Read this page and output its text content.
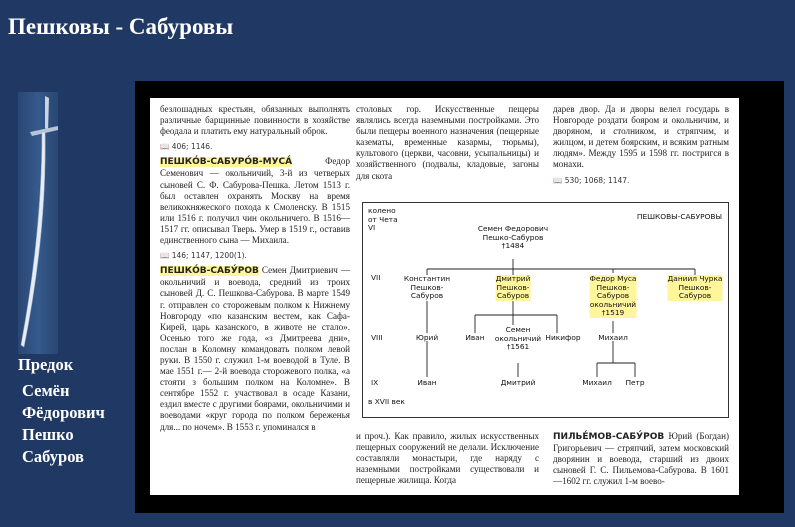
Пешковы - Сабуровы
Предок
Семён
Фёдорович
Пешко
Сабуров

безлошадных крестьян, обязанных выполнять различные барщинные повинности в хозяйстве феодала и платить ему натуральный оброк.

📖 406; 1146.

ПЕШКО́В-САБУРО́В-МУСА́ Федор Семенович — окольничий, 3-й из четверых сыновей С. Ф. Сабурова-Пешка. Летом 1513 г. был оставлен охранять Москву на время великокняжеского похода к Смоленску. В 1515 или 1516 г. получил чин окольничего. В 1516—1517 гг. описывал Тверь. Умер в 1519 г., оставив единственного сына — Михаила.

📖 146; 1147, 1200(1).

ПЕШКО́В-САБУ́РОВ Семен Дмитриевич — окольничий и воевода, средний из троих сыновей Д. С. Пешкова-Сабурова. В марте 1549 г. отправлен со сторожевым полком к Нижнему Новгороду «по казанским вестем, как Сафа-Кирей, царь казанского, в животе не стало». Осенью того же года, «з Дмитреева дни», послан в Коломну командовать полком левой руки. В 1550 г. служил 1-м воеводой в Туле. В мае 1551 г.— 2-й воевода сторожевого полка, «а стояти з большим полком на Коломне». В сентябре 1552 г. участвовал в осаде Казани, ездил вместе с другими боярами, окольничими и воеводами «круг города по полком береженья для... по ночем». В 1553 г. упоминался в

столовых гор. Искусственные пещеры являлись всегда наземными постройками. Это были пещеры военного назначения (пещерные казематы, временные казармы, тюрьмы), культового (церкви, часовни, усыпальницы) и хозяйственного (подвалы, кладовые, загоны для скота

дарев двор. Да и дворы велел государь в Новгороде роздати бояром и окольничим, и дворяном, и столником, и стряпчим, и жилцом, и детем боярским, и всяким ратным людям». Между 1595 и 1598 гг. постригся в монахи.

📖 530; 1068; 1147.
колено
от Чета
VI
ПЕШКОВЫ-САБУРОВЫ
VII
VIII
IX
в XVII век
Семен Федорович
Пешко-Сабуров
†1484
Константин
Пешков-
Сабуров
Дмитрий
Пешков-
Сабуров
Федор Муса
Пешков-
Сабуров
окольничий
†1519
Даниил Чурка
Пешков-
Сабуров
Юрий	Иван
Семен
окольничий
†1561
Никифор Михаил
Иван	Дмитрий	Михаил Петр

и проч.). Как правило, жилых искусственных пещерных сооружений не делали. Исключение составляли монастыри, где наряду с наземными постройками существовали и пещерные жилища. Когда

ПИЛЬЕ́МОВ-САБУ́РОВ Юрий (Богдан) Григорьевич — стряпчий, затем московский дворянин и воевода, старший из двоих сыновей Г. С. Пильемова-Сабурова. В 1601—1602 гг. служил 1-м воево-
